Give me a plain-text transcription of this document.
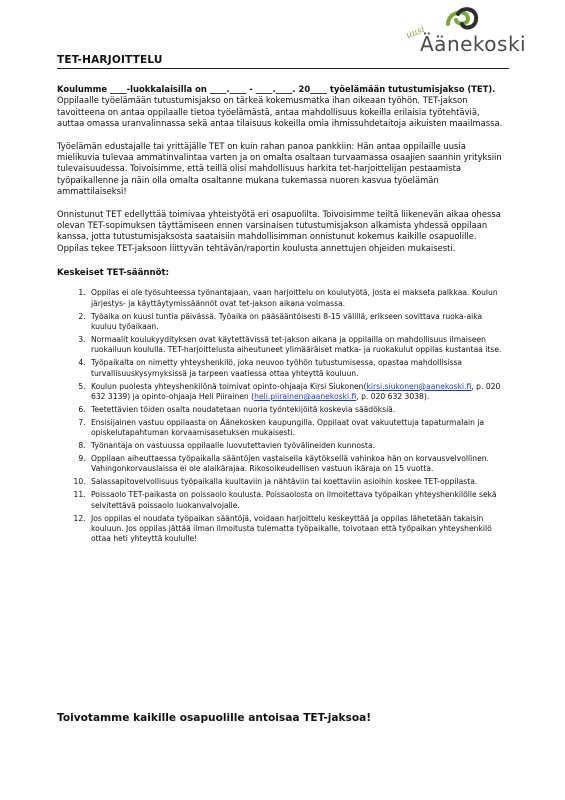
uusi
Äänekoski
TET-HARJOITTELU

Koulumme ____-luokkalaisilla on ____.____ - ____.____. 20____ työelämään tutustumisjakso (TET). Oppilaalle työelämään tutustumisjakso on tärkeä kokemusmatka ihan oikeaan työhön. TET-jakson tavoitteena on antaa oppilaalle tietoa työelämästä, antaa mahdollisuus kokeilla erilaisia työtehtäviä, auttaa omassa uranvalinnassa sekä antaa tilaisuus kokeilla omia ihmissuhdetaitoja aikuisten maailmassa.

Työelämän edustajalle tai yrittäjälle TET on kuin rahan panoa pankkiin: Hän antaa oppilaille uusia mielikuvia tulevaa ammatinvalintaa varten ja on omalta osaltaan turvaamassa osaajien saannin yrityksiin tulevaisuudessa. Toivoisimme, että teillä olisi mahdollisuus harkita tet-harjoittelijan pestaamista työpaikallenne ja näin olla omalta osaltanne mukana tukemassa nuoren kasvua työelämän ammattilaiseksi!

Onnistunut TET edellyttää toimivaa yhteistyötä eri osapuolilta. Toivoisimme teiltä liikenevän aikaa ohessa olevan TET-sopimuksen täyttämiseen ennen varsinaisen tutustumisjakson alkamista yhdessä oppilaan kanssa, jotta tutustumisjaksosta saataisiin mahdollisimman onnistunut kokemus kaikille osapuolille. Oppilas tekee TET-jaksoon liittyvän tehtävän/raportin koulusta annettujen ohjeiden mukaisesti.

Keskeiset TET-säännöt:
1. Oppilas ei ole työsuhteessa työnantajaan, vaan harjoittelu on koulutyötä, josta ei makseta palkkaa. Koulun järjestys- ja käyttäytymissäännöt ovat tet-jakson aikana voimassa.
2. Työaika on kuusi tuntia päivässä. Työaika on pääsääntöisesti 8-15 välillä, erikseen sovittava ruoka-aika kuuluu työaikaan.
3. Normaalit koulukyydityksen ovat käytettävissä tet-jakson aikana ja oppilailla on mahdollisuus ilmaiseen ruokailuun koululla. TET-harjoittelusta aiheutuneet ylimääräiset matka- ja ruokakulut oppilas kustantaa itse.
4. Työpaikalta on nimetty yhteyshenkilö, joka neuvoo työhön tutustumisessa, opastaa mahdollisissa turvallisuuskysymyksissä ja tarpeen vaatiessa ottaa yhteyttä kouluun.
5. Koulun puolesta yhteyshenkilönä toimivat opinto-ohjaaja Kirsi Siukonen(kirsi.siukonen@aanekoski.fi, p. 020 632 3139) ja opinto-ohjaaja Heli Piirainen (heli.piirainen@aanekoski.fi, p. 020 632 3038).
6. Teetettävien töiden osalta noudatetaan nuoria työntekijöitä koskevia säädöksiä.
7. Ensisijainen vastuu oppilaasta on Äänekosken kaupungilla. Oppilaat ovat vakuutettuja tapaturmalain ja opiskelutapahtuman korvaamisasetuksen mukaisesti.
8. Työnantaja on vastuussa oppilaalle luovutettavien työvälineiden kunnosta.
9. Oppilaan aiheuttaessa työpaikalla sääntöjen vastaisella käytöksellä vahinkoa hän on korvausvelvollinen. Vahingonkorvauslaissa ei ole alaikärajaa. Rikosoikeudellisen vastuun ikäraja on 15 vuotta.
10. Salassapitovelvollisuus työpaikalla kuultaviin ja nähtäviin tai koettaviin asioihin koskee TET-oppilasta.
11. Poissaolo TET-paikasta on poissaolo koulusta. Poissaolosta on ilmoitettava työpaikan yhteyshenkilölle sekä selvitettävä poissaolo luokanvalvojalle.
12. Jos oppilas ei noudata työpaikan sääntöjä, voidaan harjoittelu keskeyttää ja oppilas lähetetään takaisin kouluun. Jos oppilas jättää ilman ilmoitusta tulematta työpaikalle, toivotaan että työpaikan yhteyshenkilö ottaa heti yhteyttä koululle!
Toivotamme kaikille osapuolille antoisaa TET-jaksoa!
